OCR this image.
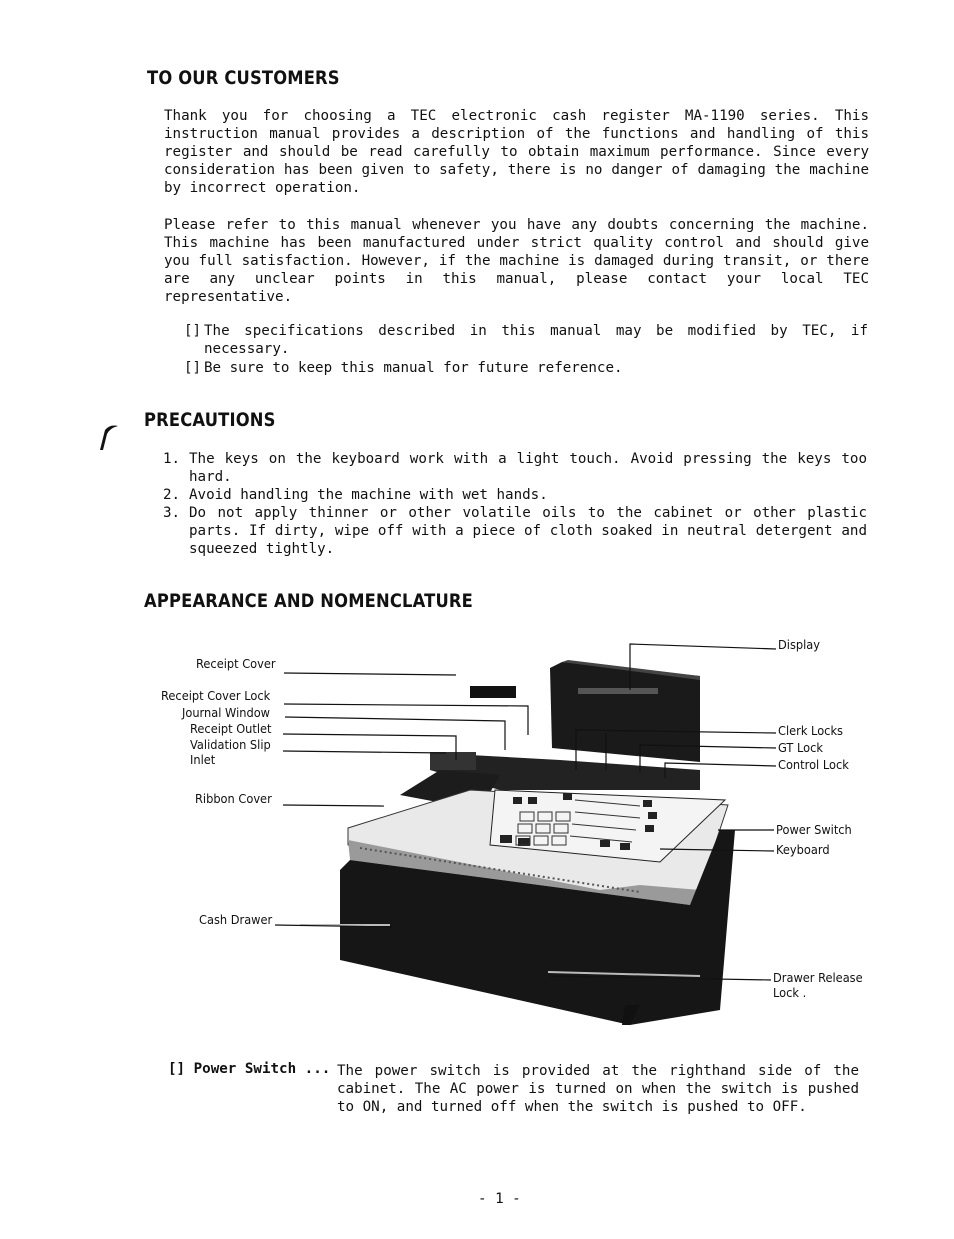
TO OUR CUSTOMERS

Thank you for choosing a TEC electronic cash register MA-1190 series. This instruction manual provides a description of the functions and handling of this register and should be read carefully to obtain maximum performance. Since every consideration has been given to safety, there is no danger of damaging the machine by incorrect operation.

Please refer to this manual whenever you have any doubts concerning the machine. This machine has been manufactured under strict quality control and should give you full satisfaction. However, if the machine is damaged during transit, or there are any unclear points in this manual, please contact your local TEC representative.

[] The specifications described in this manual may be modified by TEC, if necessary.
[] Be sure to keep this manual for future reference.
PRECAUTIONS
1. The keys on the keyboard work with a light touch. Avoid pressing the keys too hard.
2. Avoid handling the machine with wet hands.
3. Do not apply thinner or other volatile oils to the cabinet or other plastic parts. If dirty, wipe off with a piece of cloth soaked in neutral detergent and squeezed tightly.
APPEARANCE AND NOMENCLATURE
Receipt Cover
Receipt Cover Lock
Journal Window
Receipt Outlet
Validation Slip
Inlet
Ribbon Cover
Cash Drawer
Display
Clerk Locks
GT Lock
Control Lock
Power Switch
Keyboard
Drawer Release
Lock .
[] Power Switch ... The power switch is provided at the righthand side of the cabinet. The AC power is turned on when the switch is pushed to ON, and turned off when the switch is pushed to OFF.
- 1 -
